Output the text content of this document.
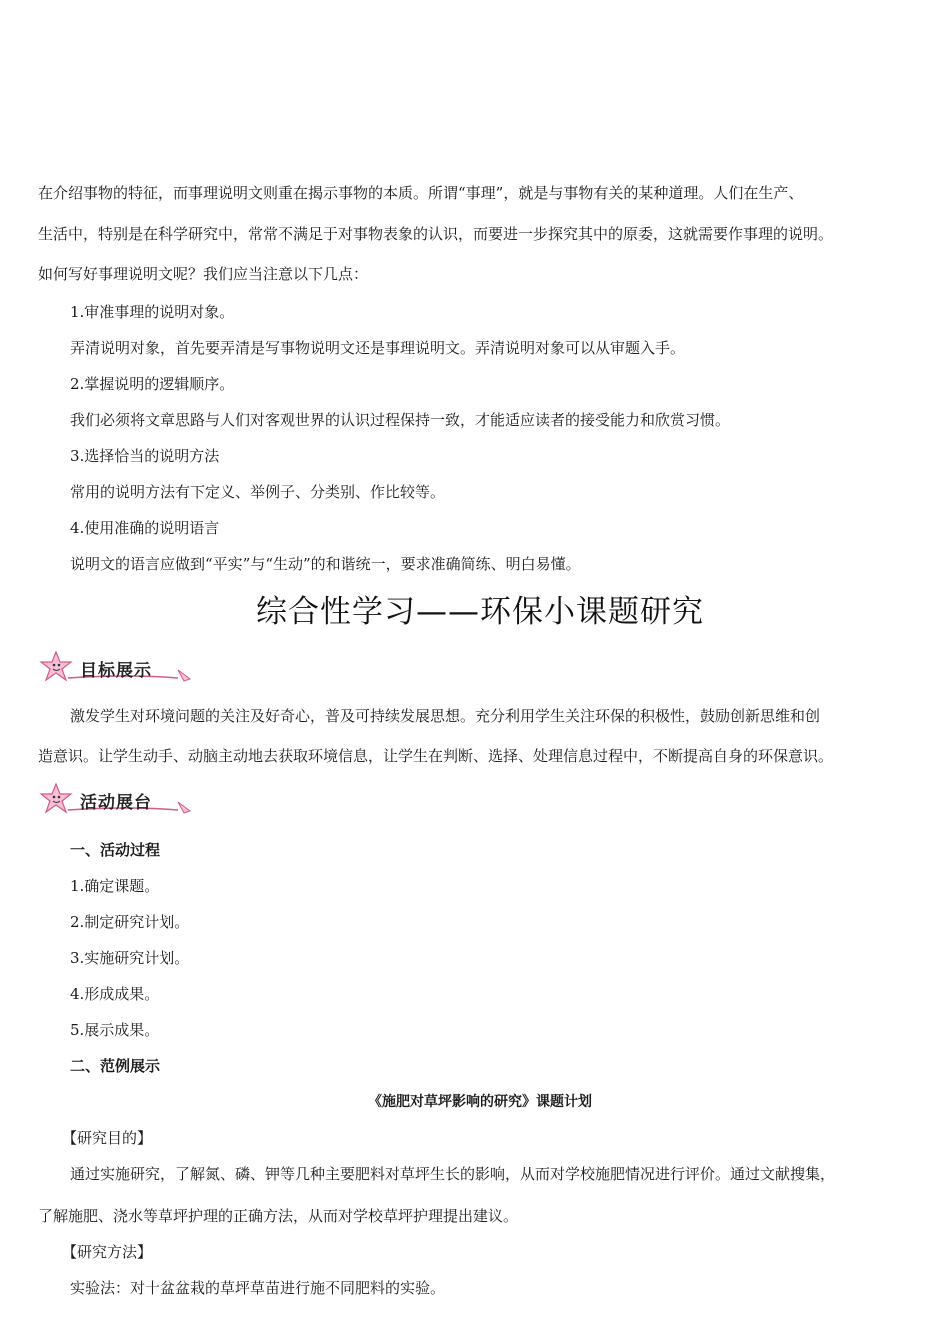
在介绍事物的特征，而事理说明文则重在揭示事物的本质。所谓“事理”，就是与事物有关的某种道理。人们在生产、
生活中，特别是在科学研究中，常常不满足于对事物表象的认识，而要进一步探究其中的原委，这就需要作事理的说明。
如何写好事理说明文呢？我们应当注意以下几点：
1.审准事理的说明对象。
弄清说明对象，首先要弄清是写事物说明文还是事理说明文。弄清说明对象可以从审题入手。
2.掌握说明的逻辑顺序。
我们必须将文章思路与人们对客观世界的认识过程保持一致，才能适应读者的接受能力和欣赏习惯。
3.选择恰当的说明方法
常用的说明方法有下定义、举例子、分类别、作比较等。
4.使用准确的说明语言
说明文的语言应做到“平实”与“生动”的和谐统一，要求准确简练、明白易懂。
综合性学习——环保小课题研究
目标展示
激发学生对环境问题的关注及好奇心，普及可持续发展思想。充分利用学生关注环保的积极性，鼓励创新思维和创
造意识。让学生动手、动脑主动地去获取环境信息，让学生在判断、选择、处理信息过程中，不断提高自身的环保意识。
活动展台
一、活动过程
1.确定课题。
2.制定研究计划。
3.实施研究计划。
4.形成成果。
5.展示成果。
二、范例展示
《施肥对草坪影响的研究》课题计划
【研究目的】
通过实施研究，了解氮、磷、钾等几种主要肥料对草坪生长的影响，从而对学校施肥情况进行评价。通过文献搜集，
了解施肥、浇水等草坪护理的正确方法，从而对学校草坪护理提出建议。
【研究方法】
实验法：对十盆盆栽的草坪草苗进行施不同肥料的实验。
